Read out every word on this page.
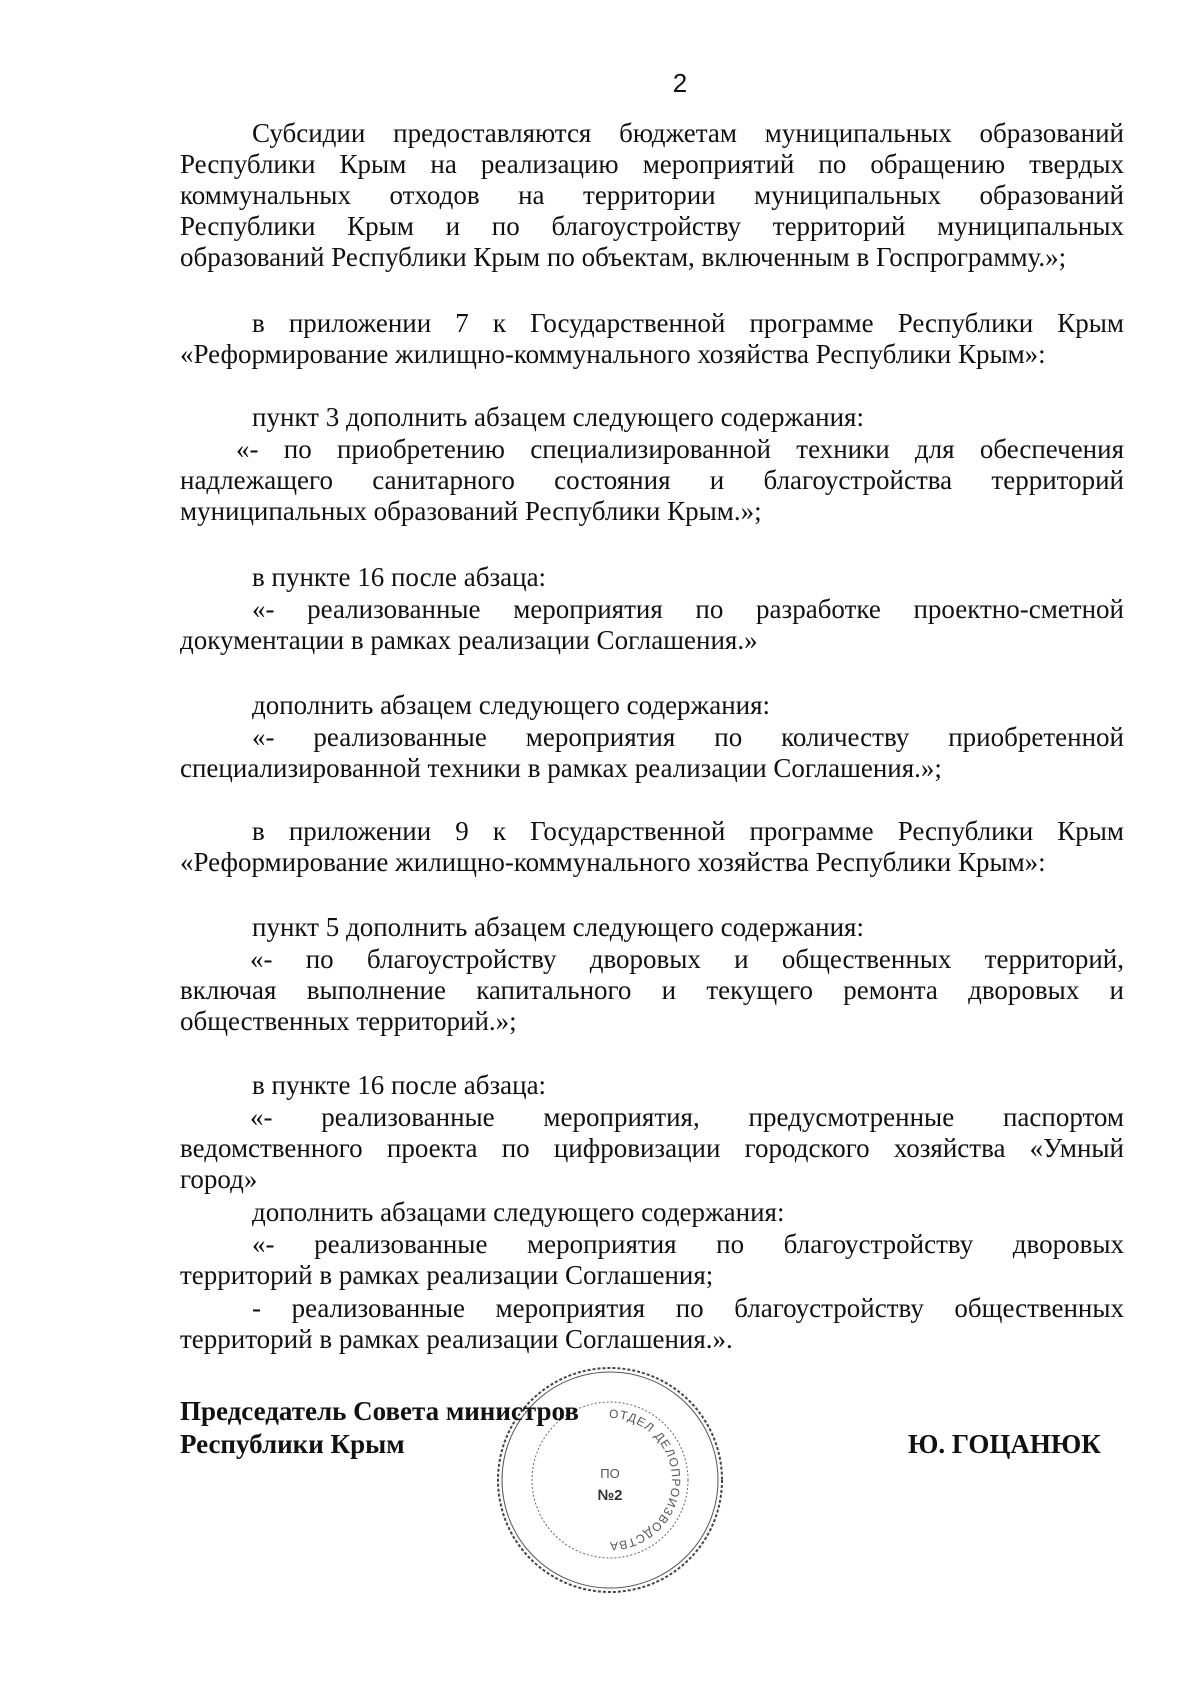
2

Субсидии предоставляются бюджетам муниципальных образований

Республики Крым на реализацию мероприятий по обращению твердых

коммунальных отходов на территории муниципальных образований

Республики Крым и по благоустройству территорий муниципальных

образований Республики Крым по объектам, включенным в Госпрограмму.»;

в приложении 7 к Государственной программе Республики Крым

«Реформирование жилищно-коммунального хозяйства Республики Крым»:

пункт 3 дополнить абзацем следующего содержания:

«- по приобретению специализированной техники для обеспечения

надлежащего санитарного состояния и благоустройства территорий

муниципальных образований Республики Крым.»;

в пункте 16 после абзаца:

«- реализованные мероприятия по разработке проектно-сметной

документации в рамках реализации Соглашения.»

дополнить абзацем следующего содержания:

«- реализованные мероприятия по количеству приобретенной

специализированной техники в рамках реализации Соглашения.»;

в приложении 9 к Государственной программе Республики Крым

«Реформирование жилищно-коммунального хозяйства Республики Крым»:

пункт 5 дополнить абзацем следующего содержания:

«- по благоустройству дворовых и общественных территорий,

включая выполнение капитального и текущего ремонта дворовых и

общественных территорий.»;

в пункте 16 после абзаца:

«- реализованные мероприятия, предусмотренные паспортом

ведомственного проекта по цифровизации городского хозяйства «Умный

город»

дополнить абзацами следующего содержания:

«- реализованные мероприятия по благоустройству дворовых

территорий в рамках реализации Соглашения;

- реализованные мероприятия по благоустройству общественных

территорий в рамках реализации Соглашения.».

ОТДЕЛ ДЕЛОПРОИЗВОДСТВА
ПО
№2
Председатель Совета министров
Республики Крым	Ю. ГОЦАНЮК
